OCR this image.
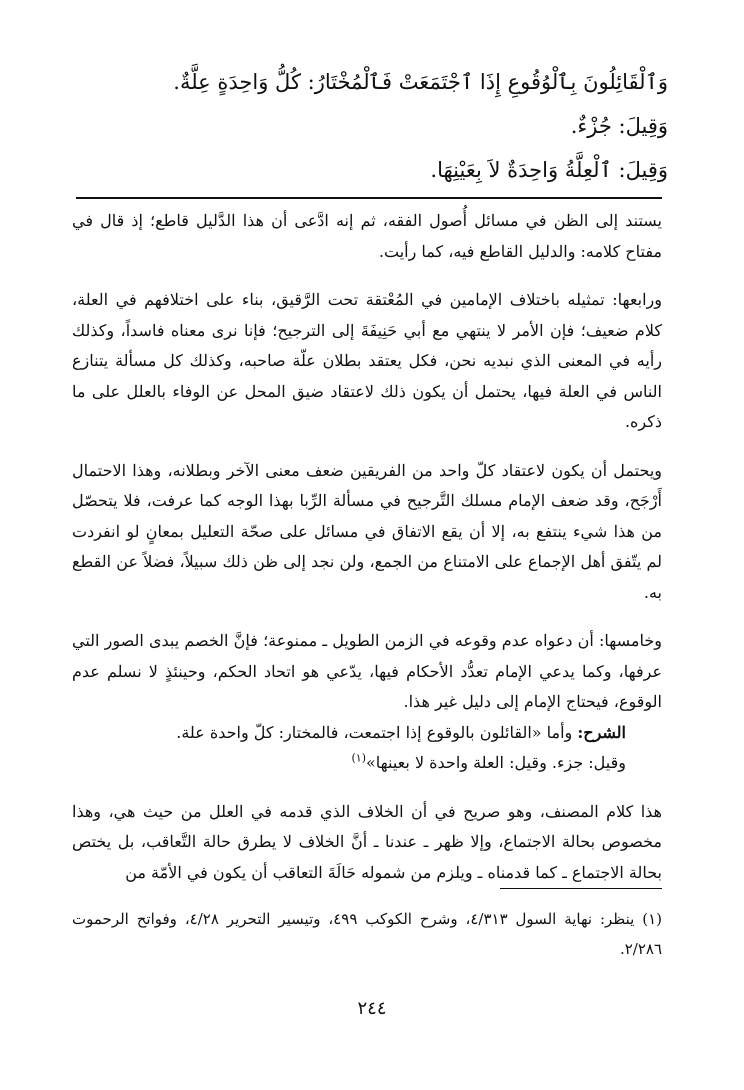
وَٱلْقَائِلُونَ بِٱلْوُقُوعِ إِذَا ٱجْتَمَعَتْ فَٱلْمُخْتَارُ: كُلُّ وَاحِدَةٍ عِلَّةٌ.

وَقِيلَ: جُزْءٌ.

وَقِيلَ: ٱلْعِلَّةُ وَاحِدَةٌ لاَ بِعَيْنِهَا.

يستند إلى الظن في مسائل أُصول الفقه، ثم إنه ادَّعى أن هذا الدَّليل قاطع؛ إذ قال في مفتاح كلامه: والدليل القاطع فيه، كما رأيت.

ورابعها: تمثيله باختلاف الإمامين في المُعْتقة تحت الرَّقيق، بناء على اختلافهم في العلة، كلام ضعيف؛ فإن الأمر لا ينتهي مع أبي حَنِيفَةَ إلى الترجيح؛ فإنا نرى معناه فاسداً، وكذلك رأيه في المعنى الذي نبديه نحن، فكل يعتقد بطلان علّة صاحبه، وكذلك كل مسألة يتنازع الناس في العلة فيها، يحتمل أن يكون ذلك لاعتقاد ضيق المحل عن الوفاء بالعلل على ما ذكره.

ويحتمل أن يكون لاعتقاد كلّ واحد من الفريقين ضعف معنى الآخر وبطلانه، وهذا الاحتمال أَرْجَح، وقد ضعف الإمام مسلك التَّرجيح في مسألة الرِّبا بهذا الوجه كما عرفت، فلا يتحصّل من هذا شيء ينتفع به، إلا أن يقع الاتفاق في مسائل على صحّة التعليل بمعانٍ لو انفردت لم يتّفق أهل الإجماع على الامتناع من الجمع، ولن نجد إلى ظن ذلك سبيلاً، فضلاً عن القطع به.

وخامسها: أن دعواه عدم وقوعه في الزمن الطويل ـ ممنوعة؛ فإنَّ الخصم يبدى الصور التي عرفها، وكما يدعي الإمام تعدُّد الأحكام فيها، يدّعي هو اتحاد الحكم، وحينئذٍ لا نسلم عدم الوقوع، فيحتاج الإمام إلى دليل غير هذا.

الشرح: وأما «القائلون بالوقوع إذا اجتمعت، فالمختار: كلّ واحدة علة.

وقيل: جزء. وقيل: العلة واحدة لا بعينها»$^{(١)}$

هذا كلام المصنف، وهو صريح في أن الخلاف الذي قدمه في العلل من حيث هي، وهذا مخصوص بحالة الاجتماع، وإلا ظهر ـ عندنا ـ أنَّ الخلاف لا يطرق حالة التَّعاقب، بل يختص بحالة الاجتماع ـ كما قدمناه ـ ويلزم من شموله حَالَةَ التعاقب أن يكون في الأمّة من

(١) ينظر: نهاية السول ٤/٣١٣، وشرح الكوكب ٤٩٩، وتيسير التحرير ٤/٢٨، وفواتح الرحموت ٢/٢٨٦.

٢٤٤
